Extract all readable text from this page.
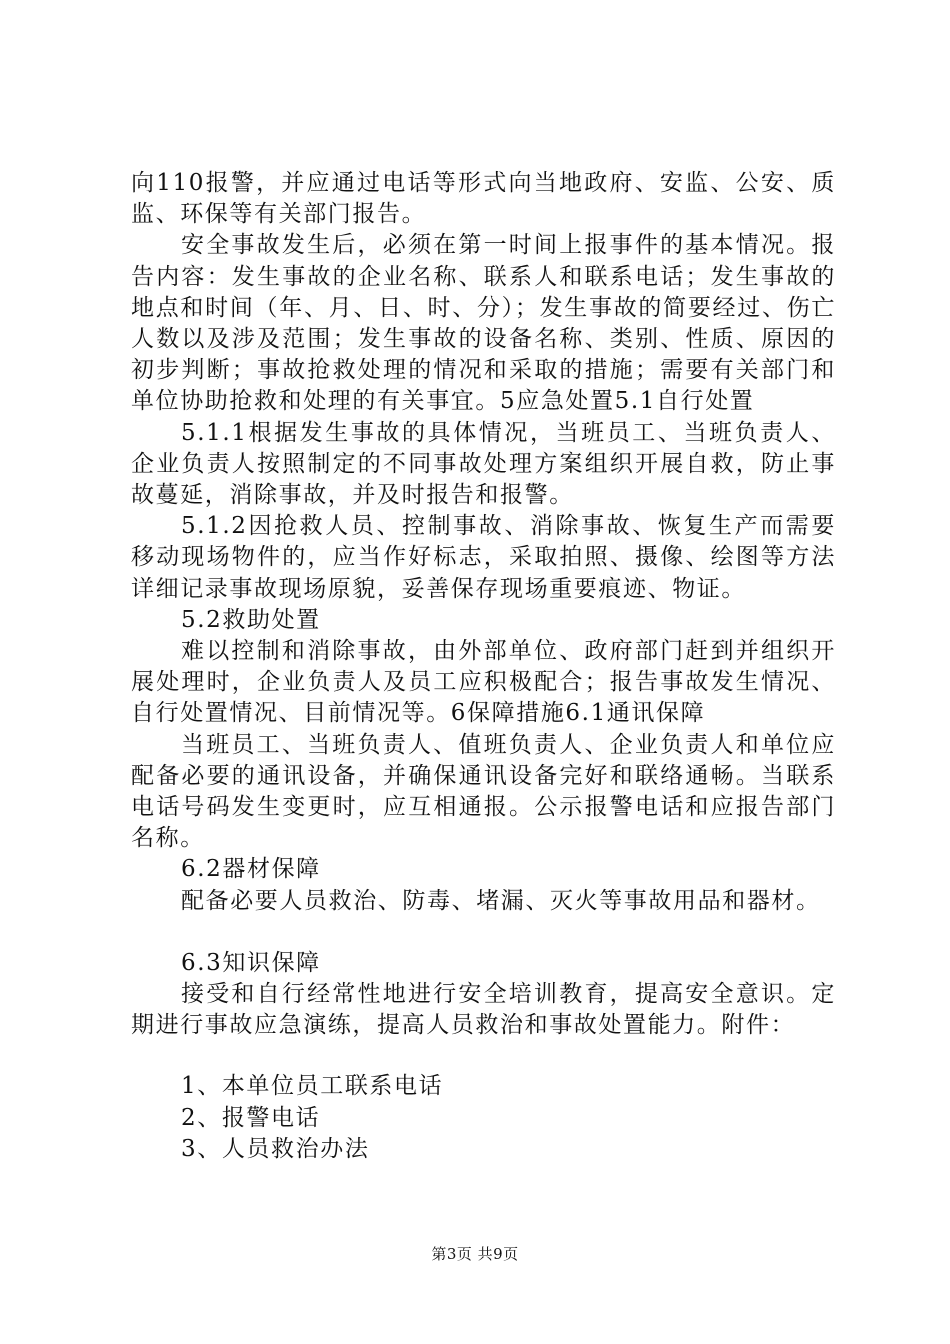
向110报警，并应通过电话等形式向当地政府、安监、公安、质监、环保等有关部门报告。

安全事故发生后，必须在第一时间上报事件的基本情况。报告内容：发生事故的企业名称、联系人和联系电话；发生事故的地点和时间（年、月、日、时、分）；发生事故的简要经过、伤亡人数以及涉及范围；发生事故的设备名称、类别、性质、原因的初步判断；事故抢救处理的情况和采取的措施；需要有关部门和单位协助抢救和处理的有关事宜。5应急处置5.1自行处置

5.1.1根据发生事故的具体情况，当班员工、当班负责人、企业负责人按照制定的不同事故处理方案组织开展自救，防止事故蔓延，消除事故，并及时报告和报警。

5.1.2因抢救人员、控制事故、消除事故、恢复生产而需要移动现场物件的，应当作好标志，采取拍照、摄像、绘图等方法详细记录事故现场原貌，妥善保存现场重要痕迹、物证。

5.2救助处置

难以控制和消除事故，由外部单位、政府部门赶到并组织开展处理时，企业负责人及员工应积极配合；报告事故发生情况、自行处置情况、目前情况等。6保障措施6.1通讯保障

当班员工、当班负责人、值班负责人、企业负责人和单位应配备必要的通讯设备，并确保通讯设备完好和联络通畅。当联系电话号码发生变更时，应互相通报。公示报警电话和应报告部门名称。

6.2器材保障

配备必要人员救治、防毒、堵漏、灭火等事故用品和器材。

6.3知识保障

接受和自行经常性地进行安全培训教育，提高安全意识。定期进行事故应急演练，提高人员救治和事故处置能力。附件：

1、本单位员工联系电话

2、报警电话

3、人员救治办法

第3页 共9页
